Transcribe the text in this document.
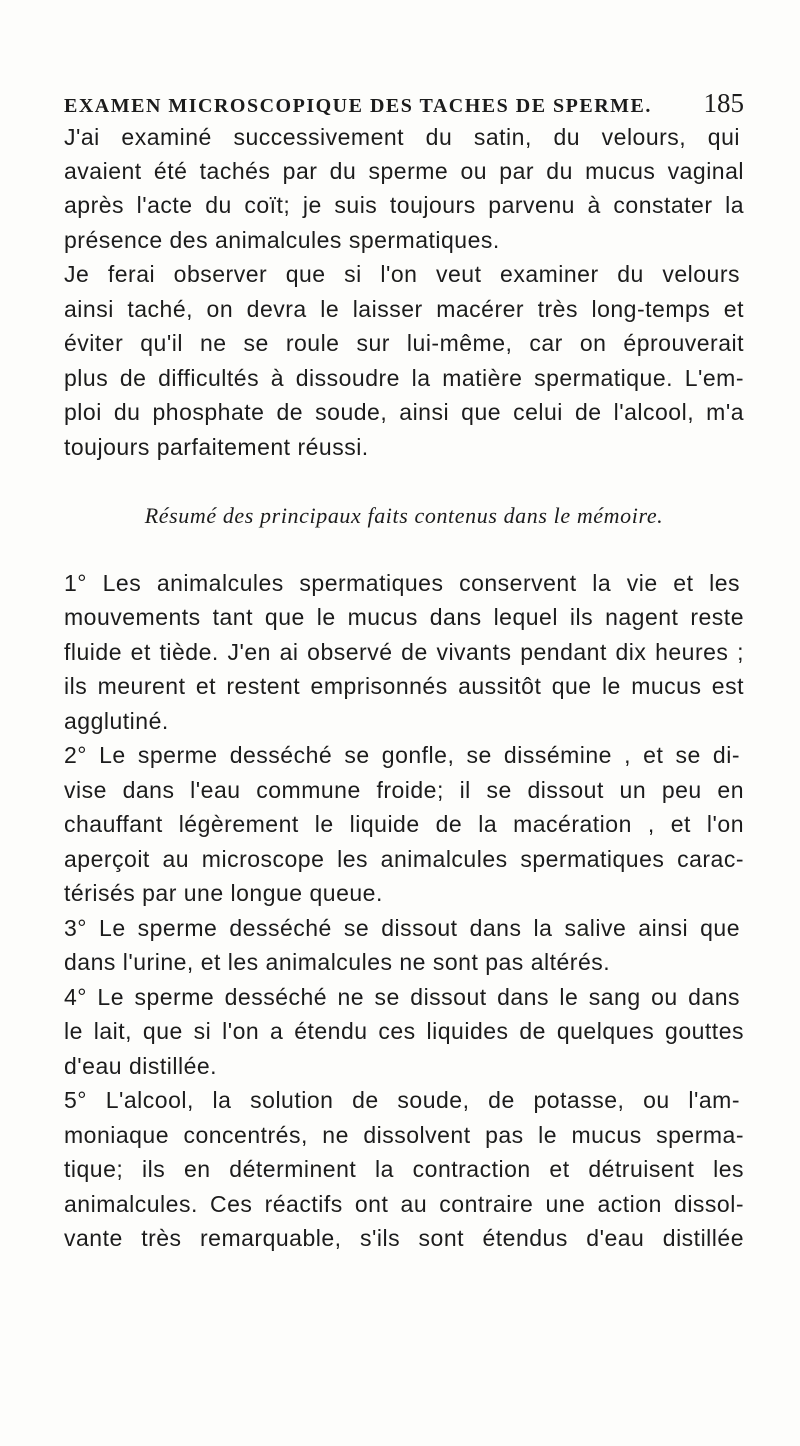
EXAMEN MICROSCOPIQUE DES TACHES DE SPERME. 185
J'ai examiné successivement du satin, du velours, qui
avaient été tachés par du sperme ou par du mucus vaginal
après l'acte du coït; je suis toujours parvenu à constater la
présence des animalcules spermatiques.
Je ferai observer que si l'on veut examiner du velours
ainsi taché, on devra le laisser macérer très long-temps et
éviter qu'il ne se roule sur lui-même, car on éprouverait
plus de difficultés à dissoudre la matière spermatique. L'em-
ploi du phosphate de soude, ainsi que celui de l'alcool, m'a
toujours parfaitement réussi.
Résumé des principaux faits contenus dans le mémoire.
1° Les animalcules spermatiques conservent la vie et les
mouvements tant que le mucus dans lequel ils nagent reste
fluide et tiède. J'en ai observé de vivants pendant dix heures ;
ils meurent et restent emprisonnés aussitôt que le mucus est
agglutiné.
2° Le sperme desséché se gonfle, se dissémine , et se di-
vise dans l'eau commune froide; il se dissout un peu en
chauffant légèrement le liquide de la macération , et l'on
aperçoit au microscope les animalcules spermatiques carac-
térisés par une longue queue.
3° Le sperme desséché se dissout dans la salive ainsi que
dans l'urine, et les animalcules ne sont pas altérés.
4° Le sperme desséché ne se dissout dans le sang ou dans
le lait, que si l'on a étendu ces liquides de quelques gouttes
d'eau distillée.
5° L'alcool, la solution de soude, de potasse, ou l'am-
moniaque concentrés, ne dissolvent pas le mucus sperma-
tique; ils en déterminent la contraction et détruisent les
animalcules. Ces réactifs ont au contraire une action dissol-
vante très remarquable, s'ils sont étendus d'eau distillée
